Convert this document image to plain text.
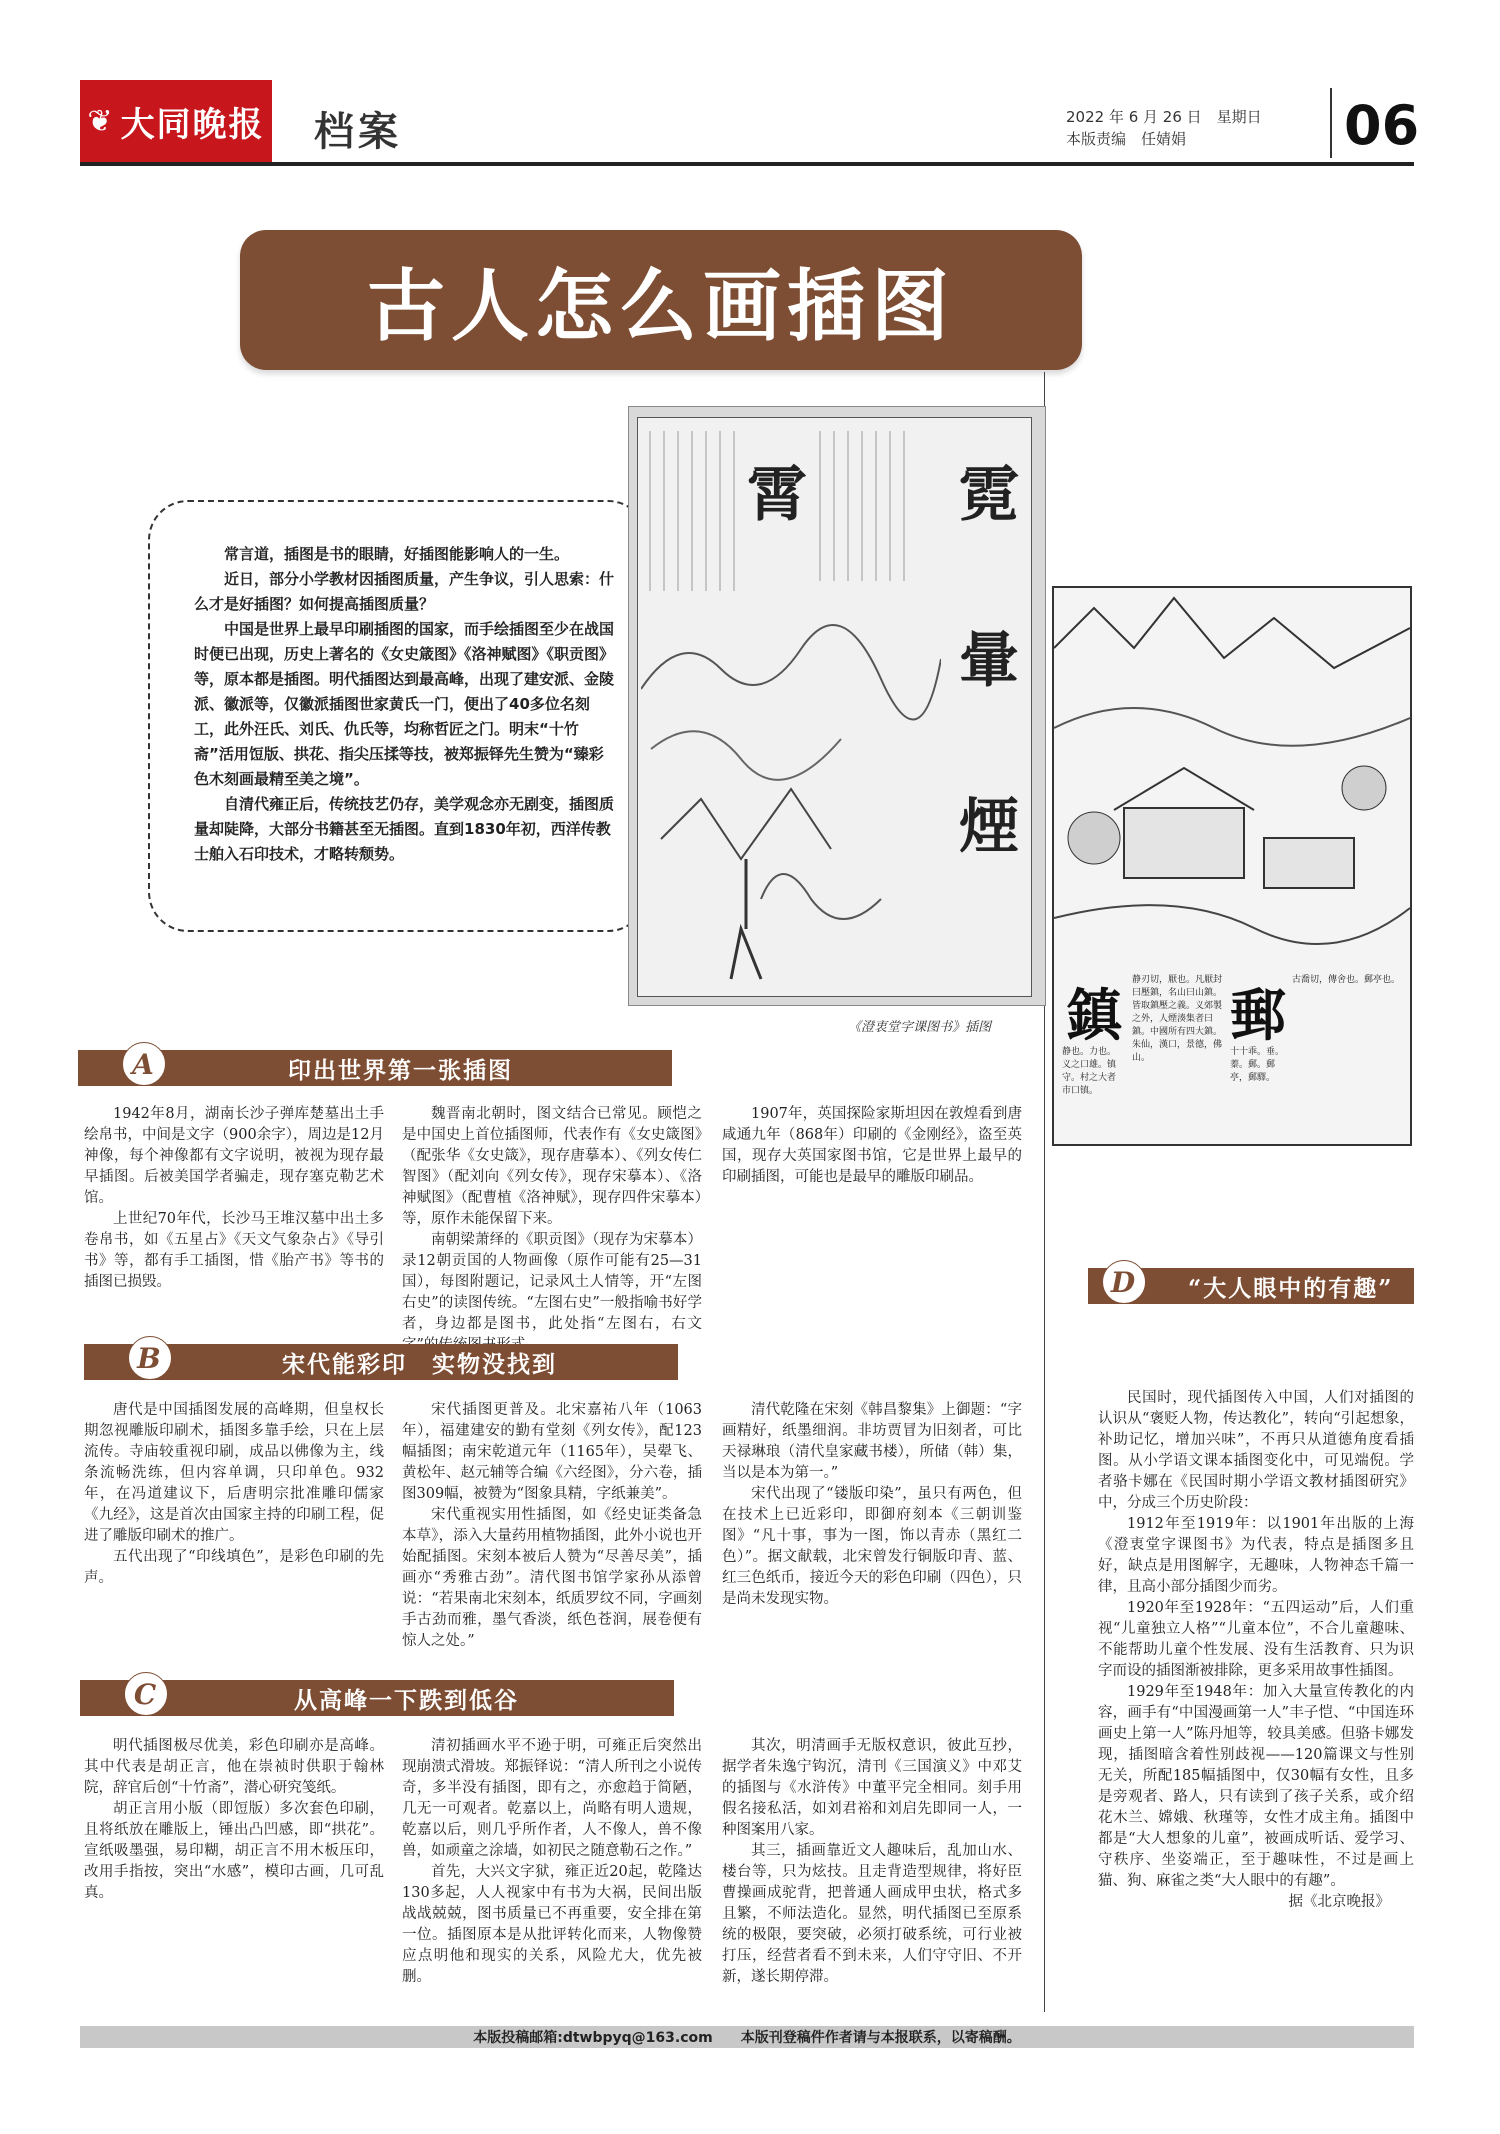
❦ 大同晚报 档案	2022 年 6 月 26 日　星期日
本版责编　任婧娟	06
古人怎么画插图

常言道，插图是书的眼睛，好插图能影响人的一生。

近日，部分小学教材因插图质量，产生争议，引人思索：什么才是好插图？如何提高插图质量？

中国是世界上最早印刷插图的国家，而手绘插图至少在战国时便已出现，历史上著名的《女史箴图》《洛神赋图》《职贡图》等，原本都是插图。明代插图达到最高峰，出现了建安派、金陵派、徽派等，仅徽派插图世家黄氏一门，便出了40多位名刻工，此外汪氏、刘氏、仇氏等，均称哲匠之门。明末“十竹斋”活用饾版、拱花、指尖压揉等技，被郑振铎先生赞为“臻彩色木刻画最精至美之境”。

自清代雍正后，传统技艺仍存，美学观念亦无剧变，插图质量却陡降，大部分书籍甚至无插图。直到1830年初，西洋传教士舶入石印技术，才略转颓势。

霄	霓
暈
煙
《澄衷堂字课图书》插图 鎮 郵
静刃切，厭也。凡厭封曰壓鎮，名山曰山鎮。皆取鎮壓之義。义郊製之外，人煙湊集者曰鎮。中國所有四大鎮。朱仙，漢口，景德，佛山。
古喬切，傳舍也。郵亭也。
静也。力也。义之口雄。镇守。村之大者市口镇。
十十乖。垂。蓁。郵。郵亭，郵驛。
A	印出世界第一张插图

1942年8月，湖南长沙子弹库楚墓出土手绘帛书，中间是文字（900余字），周边是12月神像，每个神像都有文字说明，被视为现存最早插图。后被美国学者骗走，现存塞克勒艺术馆。

上世纪70年代，长沙马王堆汉墓中出土多卷帛书，如《五星占》《天文气象杂占》《导引书》等，都有手工插图，惜《胎产书》等书的插图已损毁。

魏晋南北朝时，图文结合已常见。顾恺之是中国史上首位插图师，代表作有《女史箴图》（配张华《女史箴》，现存唐摹本）、《列女传仁智图》（配刘向《列女传》，现存宋摹本）、《洛神赋图》（配曹植《洛神赋》，现存四件宋摹本）等，原作未能保留下来。

南朝梁萧绎的《职贡图》（现存为宋摹本）录12朝贡国的人物画像（原作可能有25—31国），每图附题记，记录风土人情等，开“左图右史”的读图传统。“左图右史”一般指喻书好学者，身边都是图书，此处指“左图右，右文

1907年，英国探险家斯坦因在敦煌看到唐咸通九年（868年）印刷的《金刚经》，盗至英国，现存大英国家图书馆，它是世界上最早的印刷插图，可能也是最早的雕版印刷品。

B	宋代能彩印　实物没找到

唐代是中国插图发展的高峰期，但皇权长期忽视雕版印刷术，插图多靠手绘，只在上层流传。寺庙较重视印刷，成品以佛像为主，线条流畅洗练，但内容单调，只印单色。932年，在冯道建议下，后唐明宗批准雕印儒家《九经》，这是首次由国家主持的印刷工程，促进了雕版印刷术的推广。

五代出现了“印线填色”，是彩色印刷的先声。

宋代插图更普及。北宋嘉祐八年（1063年），福建建安的勤有堂刻《列女传》，配123幅插图；南宋乾道元年（1165年），吴翚飞、黄松年、赵元辅等合编《六经图》，分六卷，插图309幅，被赞为“图象具精，字纸兼美”。

宋代重视实用性插图，如《经史证类备急本草》，添入大量药用植物插图，此外小说也开始配插图。宋刻本被后人赞为“尽善尽美”，插画亦“秀雅古劲”。清代图书馆学家孙从添曾说：“若果南北宋刻本，纸质罗纹不同，字画刻手古劲而雅，墨气香淡，纸色苍润，展卷便有惊人之处。”

清代乾隆在宋刻《韩昌黎集》上御题：“字画精好，纸墨细润。非坊贾冒为旧刻者，可比天禄琳琅（清代皇家藏书楼），所储（韩）集，当以是本为第一。”

宋代出现了“镂版印染”，虽只有两色，但在技术上已近彩印，即御府刻本《三朝训鉴图》“凡十事，事为一图，饰以青赤（黑红二色）”。据文献载，北宋曾发行铜版印青、蓝、红三色纸币，接近今天的彩色印刷（四色），只是尚未发现实物。

C	从高峰一下跌到低谷

明代插图极尽优美，彩色印刷亦是高峰。其中代表是胡正言，他在崇祯时供职于翰林院，辞官后创“十竹斋”，潜心研究笺纸。

胡正言用小版（即饾版）多次套色印刷，且将纸放在雕版上，锤出凸凹感，即“拱花”。宣纸吸墨强，易印糊，胡正言不用木板压印，改用手指按，突出“水感”，模印古画，几可乱真。

清初插画水平不逊于明，可雍正后突然出现崩溃式滑坡。郑振铎说：“清人所刊之小说传奇，多半没有插图，即有之，亦愈趋于简陋，几无一可观者。乾嘉以上，尚略有明人遗规，乾嘉以后，则几乎所作者，人不像人，兽不像兽，如顽童之涂墙，如初民之随意勒石之作。”

首先，大兴文字狱，雍正近20起，乾隆达130多起，人人视家中有书为大祸，民间出版战战兢兢，图书质量已不再重要，安全排在第一位。插图原本是从批评转化而来，人物像赞应点明他和现实的关系，风险尤大，优先被删。

其次，明清画手无版权意识，彼此互抄，据学者朱逸宁钩沉，清刊《三国演义》中邓艾的插图与《水浒传》中董平完全相同。刻手用假名接私活，如刘君裕和刘启先即同一人，一种图案用八家。

其三，插画靠近文人趣味后，乱加山水、楼台等，只为炫技。且走背造型规律，将好臣曹操画成驼背，把普通人画成甲虫状，格式多且繁，不师法造化。显然，明代插图已至原系统的极限，要突破，必须打破系统，可行业被打压，经营者看不到未来，人们守守旧、不开新，遂长期停滞。

D	“大人眼中的有趣”

民国时，现代插图传入中国，人们对插图的认识从“褒贬人物，传达教化”，转向“引起想象，补助记忆，增加兴味”，不再只从道德角度看插图。从小学语文课本插图变化中，可见端倪。学者骆卡娜在《民国时期小学语文教材插图研究》中，分成三个历史阶段：

1912年至1919年：以1901年出版的上海《澄衷堂字课图书》为代表，特点是插图多且好，缺点是用图解字，无趣味，人物神态千篇一律，且高小部分插图少而劣。

1920年至1928年：“五四运动”后，人们重视“儿童独立人格”“儿童本位”，不合儿童趣味、不能帮助儿童个性发展、没有生活教育、只为识字而设的插图渐被排除，更多采用故事性插图。

1929年至1948年：加入大量宣传教化的内容，画手有“中国漫画第一人”丰子恺、“中国连环画史上第一人”陈丹旭等，较具美感。但骆卡娜发现，插图暗含着性别歧视——120篇课文与性别无关，所配185幅插图中，仅30幅有女性，且多是旁观者、路人，只有读到了孩子关系，或介绍花木兰、嫦娥、秋瑾等，女性才成主角。插图中都是“大人想象的儿童”，被画成听话、爱学习、守秩序、坐姿端正，至于趣味性，不过是画上猫、狗、麻雀之类“大人眼中的有趣”。

据《北京晚报》

本版投稿邮箱:dtwbpyq@163.com 本版刊登稿件作者请与本报联系，以寄稿酬。
